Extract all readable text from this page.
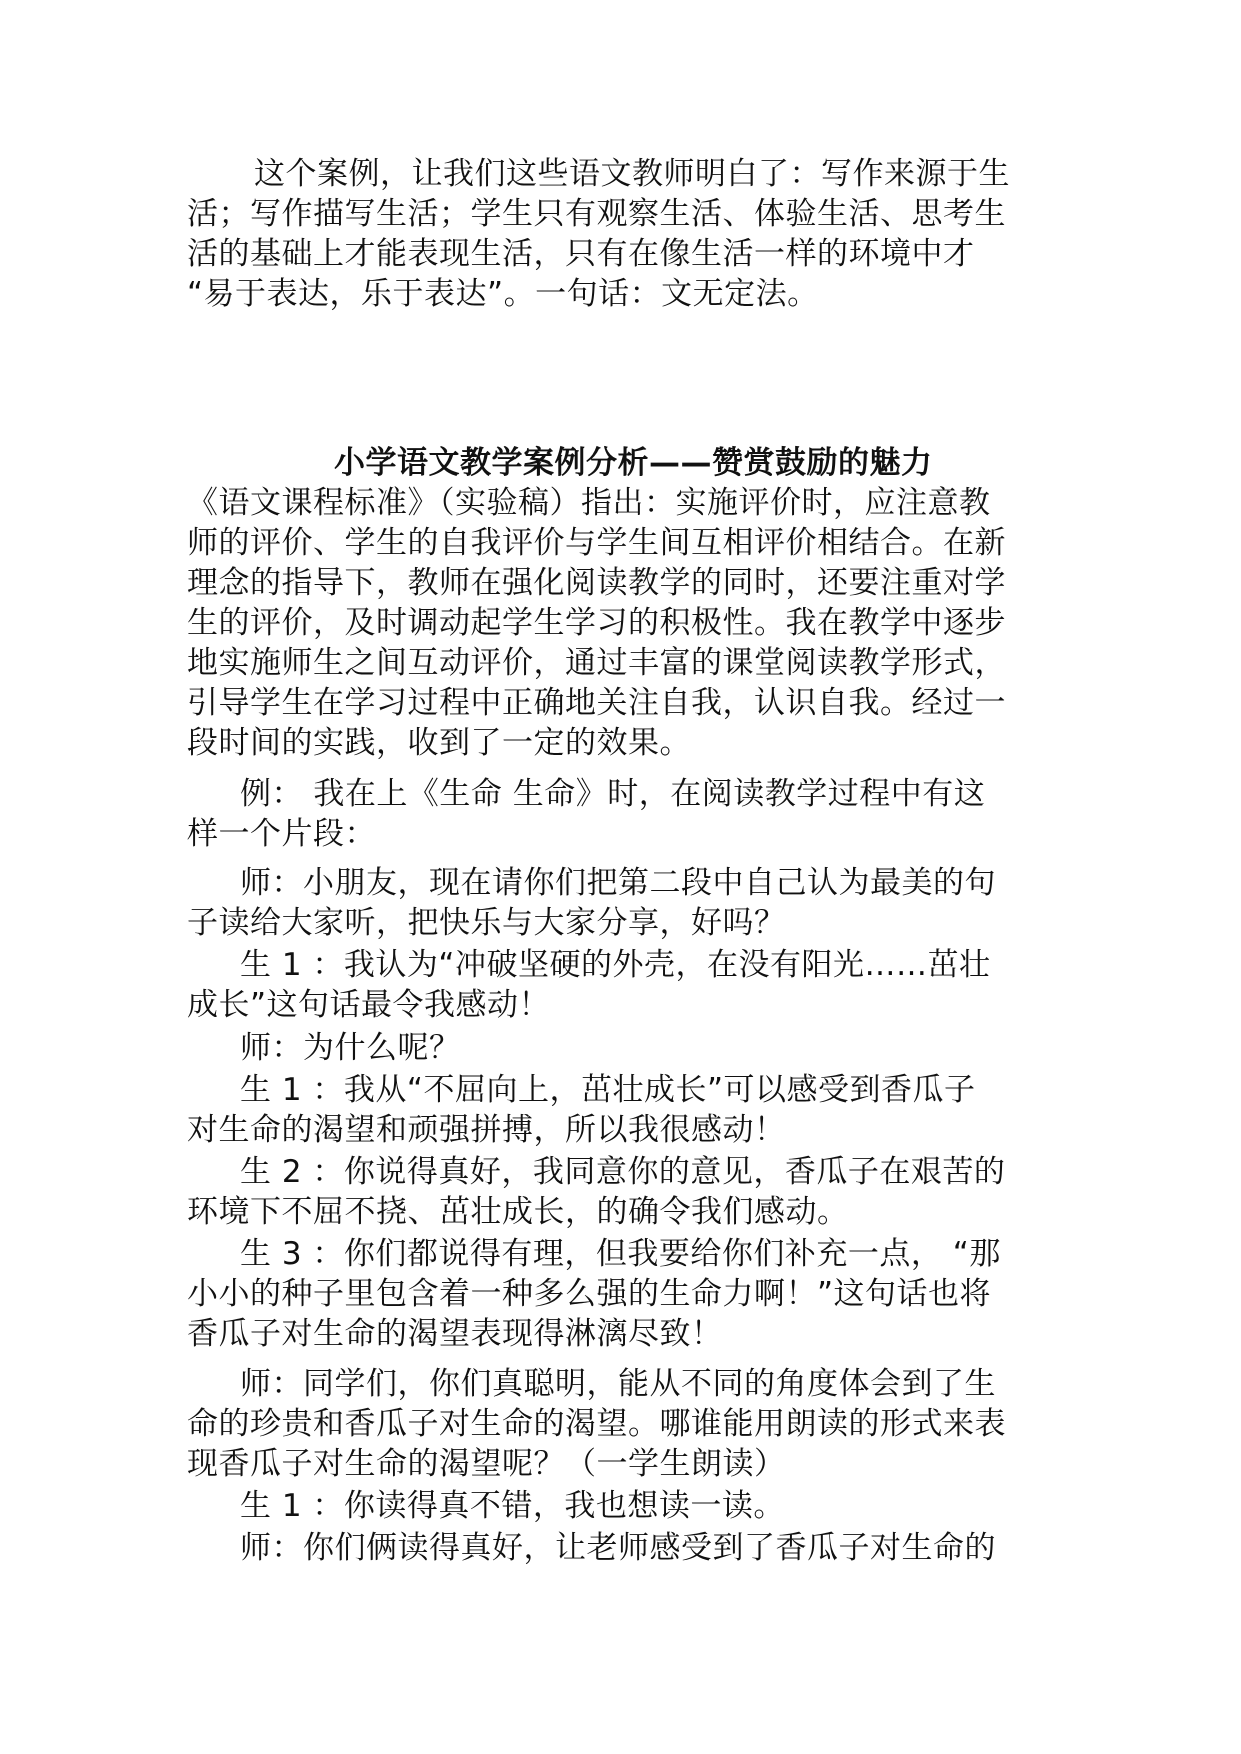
这个案例，让我们这些语文教师明白了：写作来源于生
活；写作描写生活；学生只有观察生活、体验生活、思考生
活的基础上才能表现生活，只有在像生活一样的环境中才
“易于表达，乐于表达”。一句话：文无定法。
小学语文教学案例分析——赞赏鼓励的魅力
《语文课程标准》（实验稿）指出：实施评价时，应注意教
师的评价、学生的自我评价与学生间互相评价相结合。在新
理念的指导下，教师在强化阅读教学的同时，还要注重对学
生的评价，及时调动起学生学习的积极性。我在教学中逐步
地实施师生之间互动评价，通过丰富的课堂阅读教学形式，
引导学生在学习过程中正确地关注自我，认识自我。经过一
段时间的实践，收到了一定的效果。
例： 我在上《生命 生命》时，在阅读教学过程中有这
样一个片段：
师：小朋友，现在请你们把第二段中自己认为最美的句
子读给大家听，把快乐与大家分享，好吗？
生 1 ：我认为“冲破坚硬的外壳，在没有阳光……茁壮
成长”这句话最令我感动！
师：为什么呢？
生 1 ：我从“不屈向上，茁壮成长”可以感受到香瓜子
对生命的渴望和顽强拼搏，所以我很感动！
生 2 ：你说得真好，我同意你的意见，香瓜子在艰苦的
环境下不屈不挠、茁壮成长，的确令我们感动。
生 3 ：你们都说得有理，但我要给你们补充一点， “那
小小的种子里包含着一种多么强的生命力啊！”这句话也将
香瓜子对生命的渴望表现得淋漓尽致！
师：同学们，你们真聪明，能从不同的角度体会到了生
命的珍贵和香瓜子对生命的渴望。哪谁能用朗读的形式来表
现香瓜子对生命的渴望呢？（一学生朗读）
生 1 ：你读得真不错，我也想读一读。
师：你们俩读得真好，让老师感受到了香瓜子对生命的
